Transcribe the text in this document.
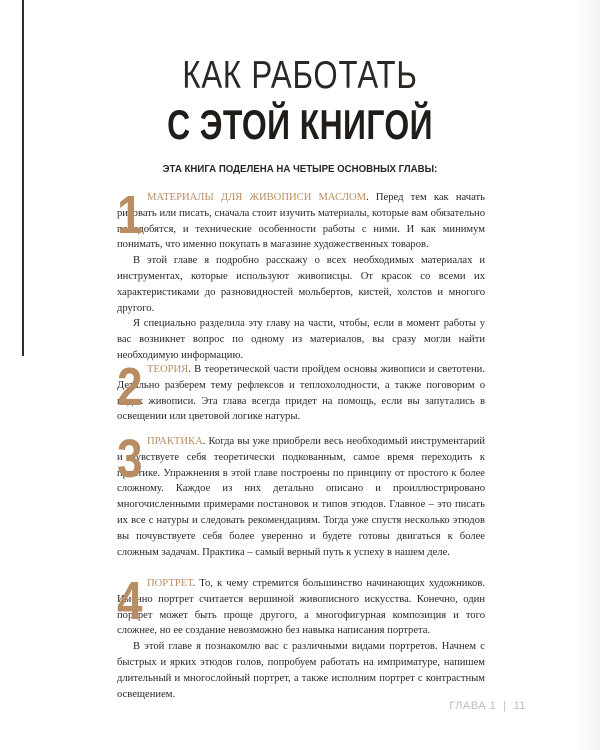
КАК РАБОТАТЬ
С ЭТОЙ КНИГОЙ
ЭТА КНИГА ПОДЕЛЕНА НА ЧЕТЫРЕ ОСНОВНЫХ ГЛАВЫ:
1 МАТЕРИАЛЫ ДЛЯ ЖИВОПИСИ МАСЛОМ. Перед тем как начать рисовать или писать, сначала стоит изучить материалы, которые вам обязательно понадобятся, и технические особенности работы с ними. И как минимум понимать, что именно покупать в магазине художественных товаров.

В этой главе я подробно расскажу о всех необходимых материалах и инструментах, которые используют живописцы. От красок со всеми их характеристиками до разновидностей мольбертов, кистей, холстов и многого другого.

Я специально разделила эту главу на части, чтобы, если в момент работы у вас возникнет вопрос по одному из материалов, вы сразу могли найти необходимую информацию.

2 ТЕОРИЯ. В теоретической части пройдем основы живописи и светотени. Детально разберем тему рефлексов и теплохолодности, а также поговорим о видах живописи. Эта глава всегда придет на помощь, если вы запутались в освещении или цветовой логике натуры.

3 ПРАКТИКА. Когда вы уже приобрели весь необходимый инструментарий и чувствуете себя теоретически подкованным, самое время переходить к практике. Упражнения в этой главе построены по принципу от простого к более сложному. Каждое из них детально описано и проиллюстрировано многочисленными примерами постановок и типов этюдов. Главное – это писать их все с натуры и следовать рекомендациям. Тогда уже спустя несколько этюдов вы почувствуете себя более уверенно и будете готовы двигаться к более сложным задачам. Практика – самый верный путь к успеху в нашем деле.

4 ПОРТРЕТ. То, к чему стремится большинство начинающих художников. Именно портрет считается вершиной живописного искусства. Конечно, один портрет может быть проще другого, а многофигурная композиция и того сложнее, но ее создание невозможно без навыка написания портрета.

В этой главе я познакомлю вас с различными видами портретов. Начнем с быстрых и ярких этюдов голов, попробуем работать на имприматуре, напишем длительный и многослойный портрет, а также исполним портрет с контрастным освещением.

ГЛАВА 1 | 11
